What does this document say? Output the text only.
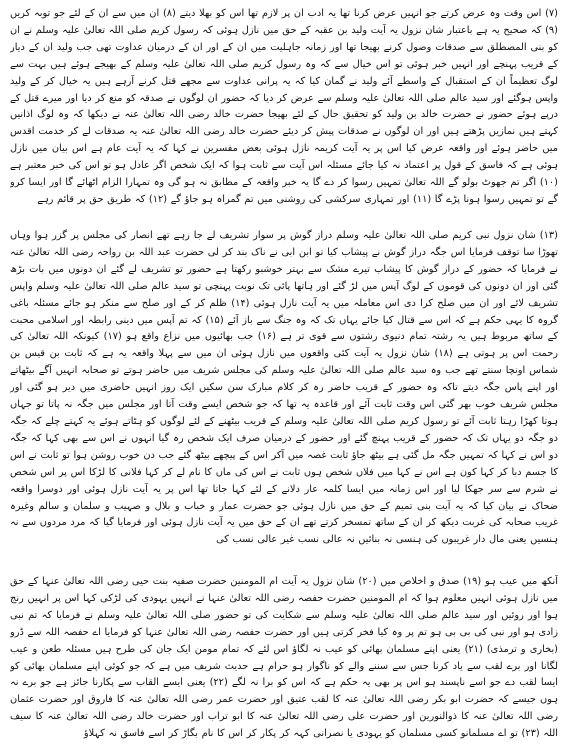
(۷) اس وقت وہ عرض کرتے جو انہیں عرض کرنا تھا یہ ادب ان پر لازم تھا اس کو بھلا دیتے (۸) ان میں سے ان کے لئے جو توبہ کریں (۹) کہ صحیح یہ ہے باعتبار شان نزول یہ آیت ولید بن عقبہ کے حق میں نازل ہوئی کہ رسول کریم صلی اللہ تعالیٰ علیہ وسلم نے ان کو بنی المصطلق سے صدقات وصول کرنے بھیجا تھا اور زمانہ جاہلیت میں ان کے اور ان کے درمیان عداوت تھی جب ولید ان کے دیار کے قریب پہنچے اور انہیں خبر ہوئی تو اس خیال سے کہ وہ رسول کریم صلی اللہ تعالیٰ علیہ وسلم کے بھیجے ہوئے ہیں بہت سے لوگ تعظیماً ان کے استقبال کے واسطے آئے ولید نے گمان کیا کہ یہ پرانی عداوت سے مجھے قتل کرنے آرہے ہیں یہ خیال کر کے ولید واپس ہوگئے اور سید عالم صلی اللہ تعالیٰ علیہ وسلم سے عرض کر دیا کہ حضور ان لوگوں نے صدقہ کو منع کر دیا اور میرے قتل کے درپے ہوئے حضور نے حضرت خالد بن ولید کو تحقیق حال کے لئے بھیجا حضرت خالد رضی اللہ تعالیٰ عنہ نے دیکھا کہ وہ لوگ اذانیں کہتے ہیں نمازیں پڑھتے ہیں اور ان لوگوں نے صدقات پیش کر دیئے حضرت خالد رضی اللہ تعالیٰ عنہ یہ صدقات لے کر خدمت اقدس میں حاضر ہوئے اور واقعہ عرض کیا اس پر یہ آیت کریمہ نازل ہوئی بعض مفسرین نے کہا کہ یہ آیت عام ہے اس بیان میں نازل ہوئی ہے کہ فاسق کے قول پر اعتماد نہ کیا جائے مسئلہ اس آیت سے ثابت ہوا کہ ایک شخص اگر عادل ہو تو اس کی خبر معتبر ہے (۱۰) اگر تم جھوٹ بولو گے اللہ تعالیٰ تمہیں رسوا کر دے گا یہ خبر واقعہ کے مطابق نہ ہو گی وہ تمہارا الزام اٹھائے گا اور ایسا کرو گے تو تمہیں رسوا ہونا پڑے گا (۱۱) اور تمہاری سرکشی کی روشنی میں تم گمراہ ہو جاؤ گے (۱۲) کہ طریق حق پر قائم رہے

(۱۳) شان نزول نبی کریم صلی اللہ تعالیٰ علیہ وسلم دراز گوش پر سوار تشریف لے جا رہے تھے انصار کی مجلس پر گزر ہوا وہاں تھوڑا سا توقف فرمایا اس جگہ دراز گوش نے پیشاب کیا تو ابن ابی نے ناک بند کر لی حضرت عبد اللہ بن رواحہ رضی اللہ تعالیٰ عنہ نے فرمایا کہ حضور کے دراز گوش کا پیشاب تیرے مشک سے بہتر خوشبو رکھتا ہے حضور تو تشریف لے گئے ان دونوں میں بات بڑھ گئی اور ان دونوں کی قوموں کے لوگ آپس میں لڑ گئے اور ہاتھا پائی تک نوبت پہنچی تو سید عالم صلی اللہ تعالیٰ علیہ وسلم واپس تشریف لائے اور ان میں صلح کرا دی اس معاملہ میں یہ آیت نازل ہوئی (۱۴) ظلم کر کے اور صلح سے منکر ہو جائے مسئلہ باغی گروہ کا یہی حکم ہے کہ اس سے قتال کیا جائے یہاں تک کہ وہ جنگ سے باز آئے (۱۵) کہ تم آپس میں دینی رابطہ اور اسلامی محبت کے ساتھ مربوط ہیں یہ رشتہ تمام دنیوی رشتوں سے قوی تر ہے (۱۶) جب بھائیوں میں نزاع واقع ہو (۱۷) کیونکہ اللہ تعالیٰ کی رحمت اس پر ہوتی ہے (۱۸) شان نزول یہ آیت کئی واقعوں میں نازل ہوئی ان میں سے پہلا واقعہ یہ ہے کہ ثابت بن قیس بن شماس اونچا سنتے تھے جب وہ سید عالم صلی اللہ تعالیٰ علیہ وسلم کی مجلس شریف میں حاضر ہوتے تو صحابہ انہیں آگے بیٹھاتے اور اپنے پاس جگہ دیتے تاکہ وہ حضور کے قریب حاضر رہ کر کلام مبارک سن سکیں ایک روز انہیں حاضری میں دیر ہو گئی اور مجلس شریف خوب بھر گئی اس وقت ثابت آئے اور قاعدہ یہ تھا کہ جو شخص ایسے وقت آتا اور مجلس میں جگہ نہ پاتا تو جہاں ہوتا کھڑا رہتا ثابت آئے تو رسول کریم صلی اللہ تعالیٰ علیہ وسلم کے قریب بیٹھنے کے لئے لوگوں کو ہٹاتے ہوئے یہ کہتے چلے کہ جگہ دو جگہ دو یہاں تک کہ حضور کے قریب پہنچ گئے اور حضور کے درمیان صرف ایک شخص رہ گیا انہوں نے اس سے بھی کہا کہ جگہ دو اس نے کہا کہ تمہیں جگہ مل گئی ہے بیٹھ جاؤ ثابت غصہ میں آکر اس کے پیچھے بیٹھ گئے جب دن خوب روشن ہوا تو ثابت نے اس کا جسم دبا کر کہا کون ہے اس نے کہا میں فلاں شخص ہوں ثابت نے اس کی ماں کا نام لے کر کہا فلانی کا لڑکا اس پر اس شخص نے شرم سے سر جھکا لیا اور اس زمانہ میں ایسا کلمہ عار دلانے کے لئے کہا جاتا تھا اس پر یہ آیت نازل ہوئی اور دوسرا واقعہ ضحاک نے بیان کیا کہ یہ آیت بنی تمیم کے حق میں نازل ہوئی جو حضرت عمار و خباب و بلال و صہیب و سلمان و سالم وغیرہ غریب صحابہ کی غربت دیکھ کر ان کے ساتھ تمسخر کرتے تھے ان کے حق میں یہ آیت نازل ہوئی اور فرمایا گیا کہ مرد مردوں سے نہ ہنسیں یعنی مال دار غریبوں کی ہنسی نہ بنائیں نہ عالی نسب غیر عالی نسب کی

آنکھ میں عیب ہو (۱۹) صدق و اخلاص میں (۲۰) شان نزول یہ آیت ام المومنین حضرت صفیہ بنت حیی رضی اللہ تعالیٰ عنہا کے حق میں نازل ہوئی انہیں معلوم ہوا کہ ام المومنین حضرت حفصہ رضی اللہ تعالیٰ عنہا نے انہیں یہودی کی لڑکی کہا اس پر انہیں رنج ہوا اور روئیں اور سید عالم صلی اللہ تعالیٰ علیہ وسلم سے شکایت کی تو حضور صلی اللہ تعالیٰ علیہ وسلم نے فرمایا کہ تم نبی زادی ہو اور نبی کی بی بی ہو تم پر وہ کیا فخر کرتی ہیں اور حضرت حفصہ رضی اللہ تعالیٰ عنہا کو فرمایا اے حفصہ اللہ سے ڈرو (بخاری و ترمذی) (۲۱) یعنی اپنے مسلمان بھائی کو عیب نہ لگاؤ اس لئے کہ تمام مومن ایک جان کی طرح ہیں مسئلہ طعن و عیب لگانا اور برے لقب سے یاد کرنا جس سے سننے والے کو ناگوار ہو حرام ہے حدیث شریف میں ہے کہ جو کوئی اپنے مسلمان بھائی کو ایسا لقب دے جو اسے ناپسند ہو اس پر بھی یہ حکم ہے کہ اس کو برا نہ لگے (۲۲) یعنی ایسے القاب سے پکارنا جائز ہے جو برے نہ ہوں جیسے کہ حضرت ابو بکر رضی اللہ تعالیٰ عنہ کا لقب عتیق اور حضرت عمر رضی اللہ تعالیٰ عنہ کا فاروق اور حضرت عثمان رضی اللہ تعالیٰ عنہ کا ذوالنورین اور حضرت علی رضی اللہ تعالیٰ عنہ کا ابو تراب اور حضرت خالد رضی اللہ تعالیٰ عنہ کا سیف اللہ (۲۳) تو اے مسلمانو کسی مسلمان کو یہودی یا نصرانی کہہ کر پکار کر اس کا نام بگاڑ کر اسے فاسق نہ کہلاؤ
